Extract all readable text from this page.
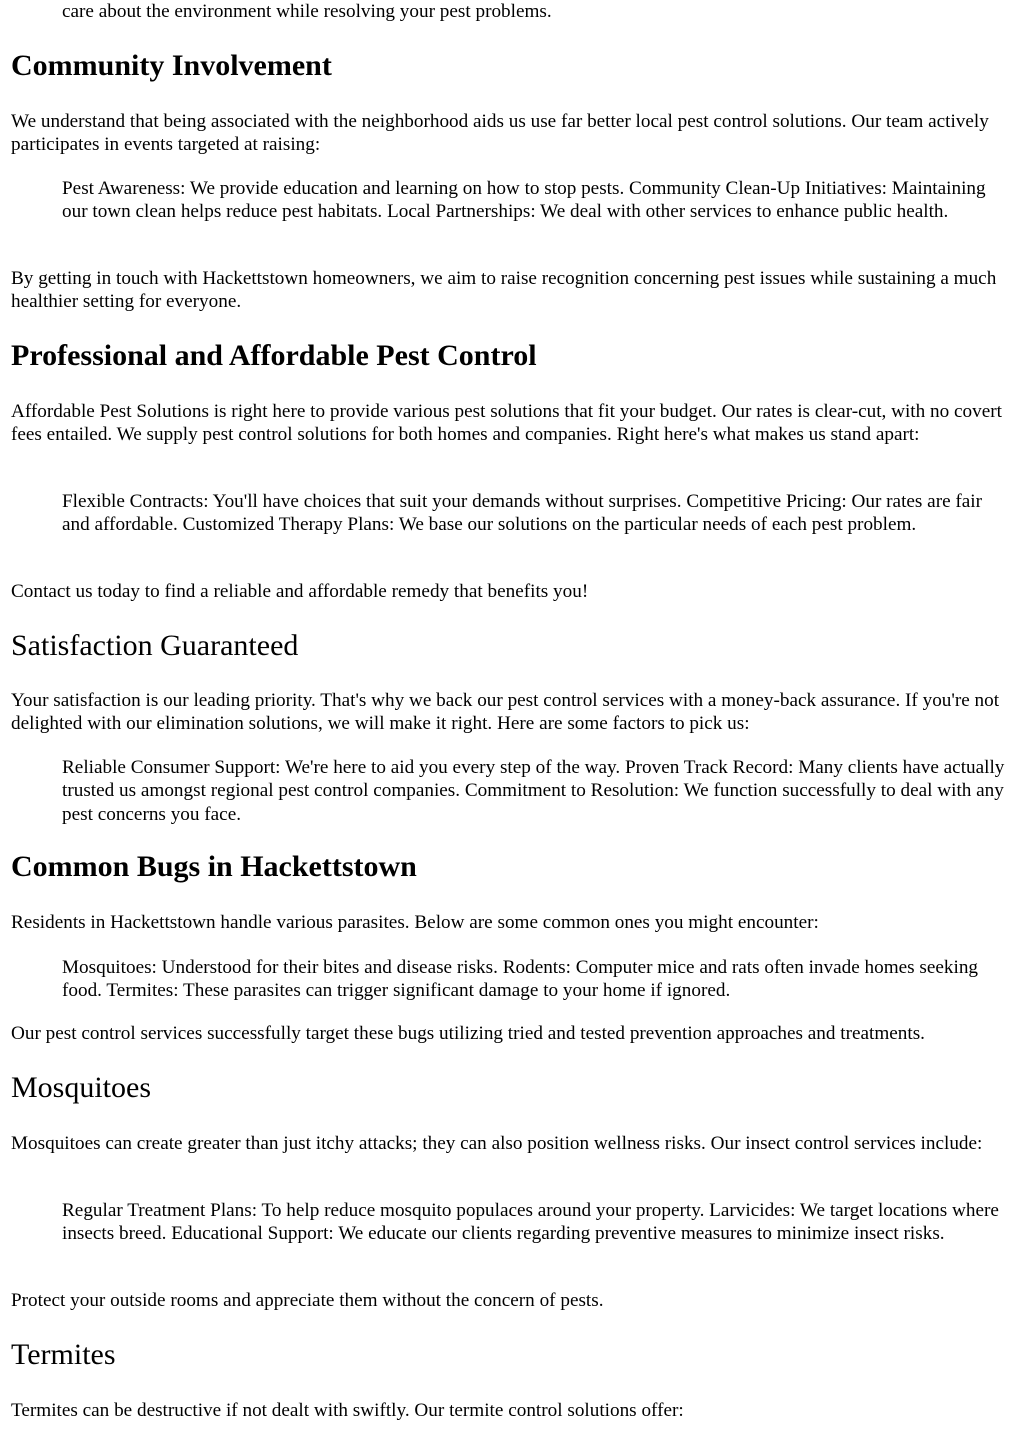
care about the environment while resolving your pest problems.

Community Involvement

We understand that being associated with the neighborhood aids us use far better local pest control solutions. Our team actively participates in events targeted at raising:

Pest Awareness: We provide education and learning on how to stop pests. Community Clean-Up Initiatives: Maintaining our town clean helps reduce pest habitats. Local Partnerships: We deal with other services to enhance public health.

By getting in touch with Hackettstown homeowners, we aim to raise recognition concerning pest issues while sustaining a much healthier setting for everyone.

Professional and Affordable Pest Control

Affordable Pest Solutions is right here to provide various pest solutions that fit your budget. Our rates is clear-cut, with no covert fees entailed. We supply pest control solutions for both homes and companies. Right here's what makes us stand apart:

Flexible Contracts: You'll have choices that suit your demands without surprises. Competitive Pricing: Our rates are fair and affordable. Customized Therapy Plans: We base our solutions on the particular needs of each pest problem.

Contact us today to find a reliable and affordable remedy that benefits you!

Satisfaction Guaranteed

Your satisfaction is our leading priority. That's why we back our pest control services with a money-back assurance. If you're not delighted with our elimination solutions, we will make it right. Here are some factors to pick us:

Reliable Consumer Support: We're here to aid you every step of the way. Proven Track Record: Many clients have actually trusted us amongst regional pest control companies. Commitment to Resolution: We function successfully to deal with any pest concerns you face.

Common Bugs in Hackettstown

Residents in Hackettstown handle various parasites. Below are some common ones you might encounter:

Mosquitoes: Understood for their bites and disease risks. Rodents: Computer mice and rats often invade homes seeking food. Termites: These parasites can trigger significant damage to your home if ignored.

Our pest control services successfully target these bugs utilizing tried and tested prevention approaches and treatments.

Mosquitoes

Mosquitoes can create greater than just itchy attacks; they can also position wellness risks. Our insect control services include:

Regular Treatment Plans: To help reduce mosquito populaces around your property. Larvicides: We target locations where insects breed. Educational Support: We educate our clients regarding preventive measures to minimize insect risks.

Protect your outside rooms and appreciate them without the concern of pests.

Termites

Termites can be destructive if not dealt with swiftly. Our termite control solutions offer:
